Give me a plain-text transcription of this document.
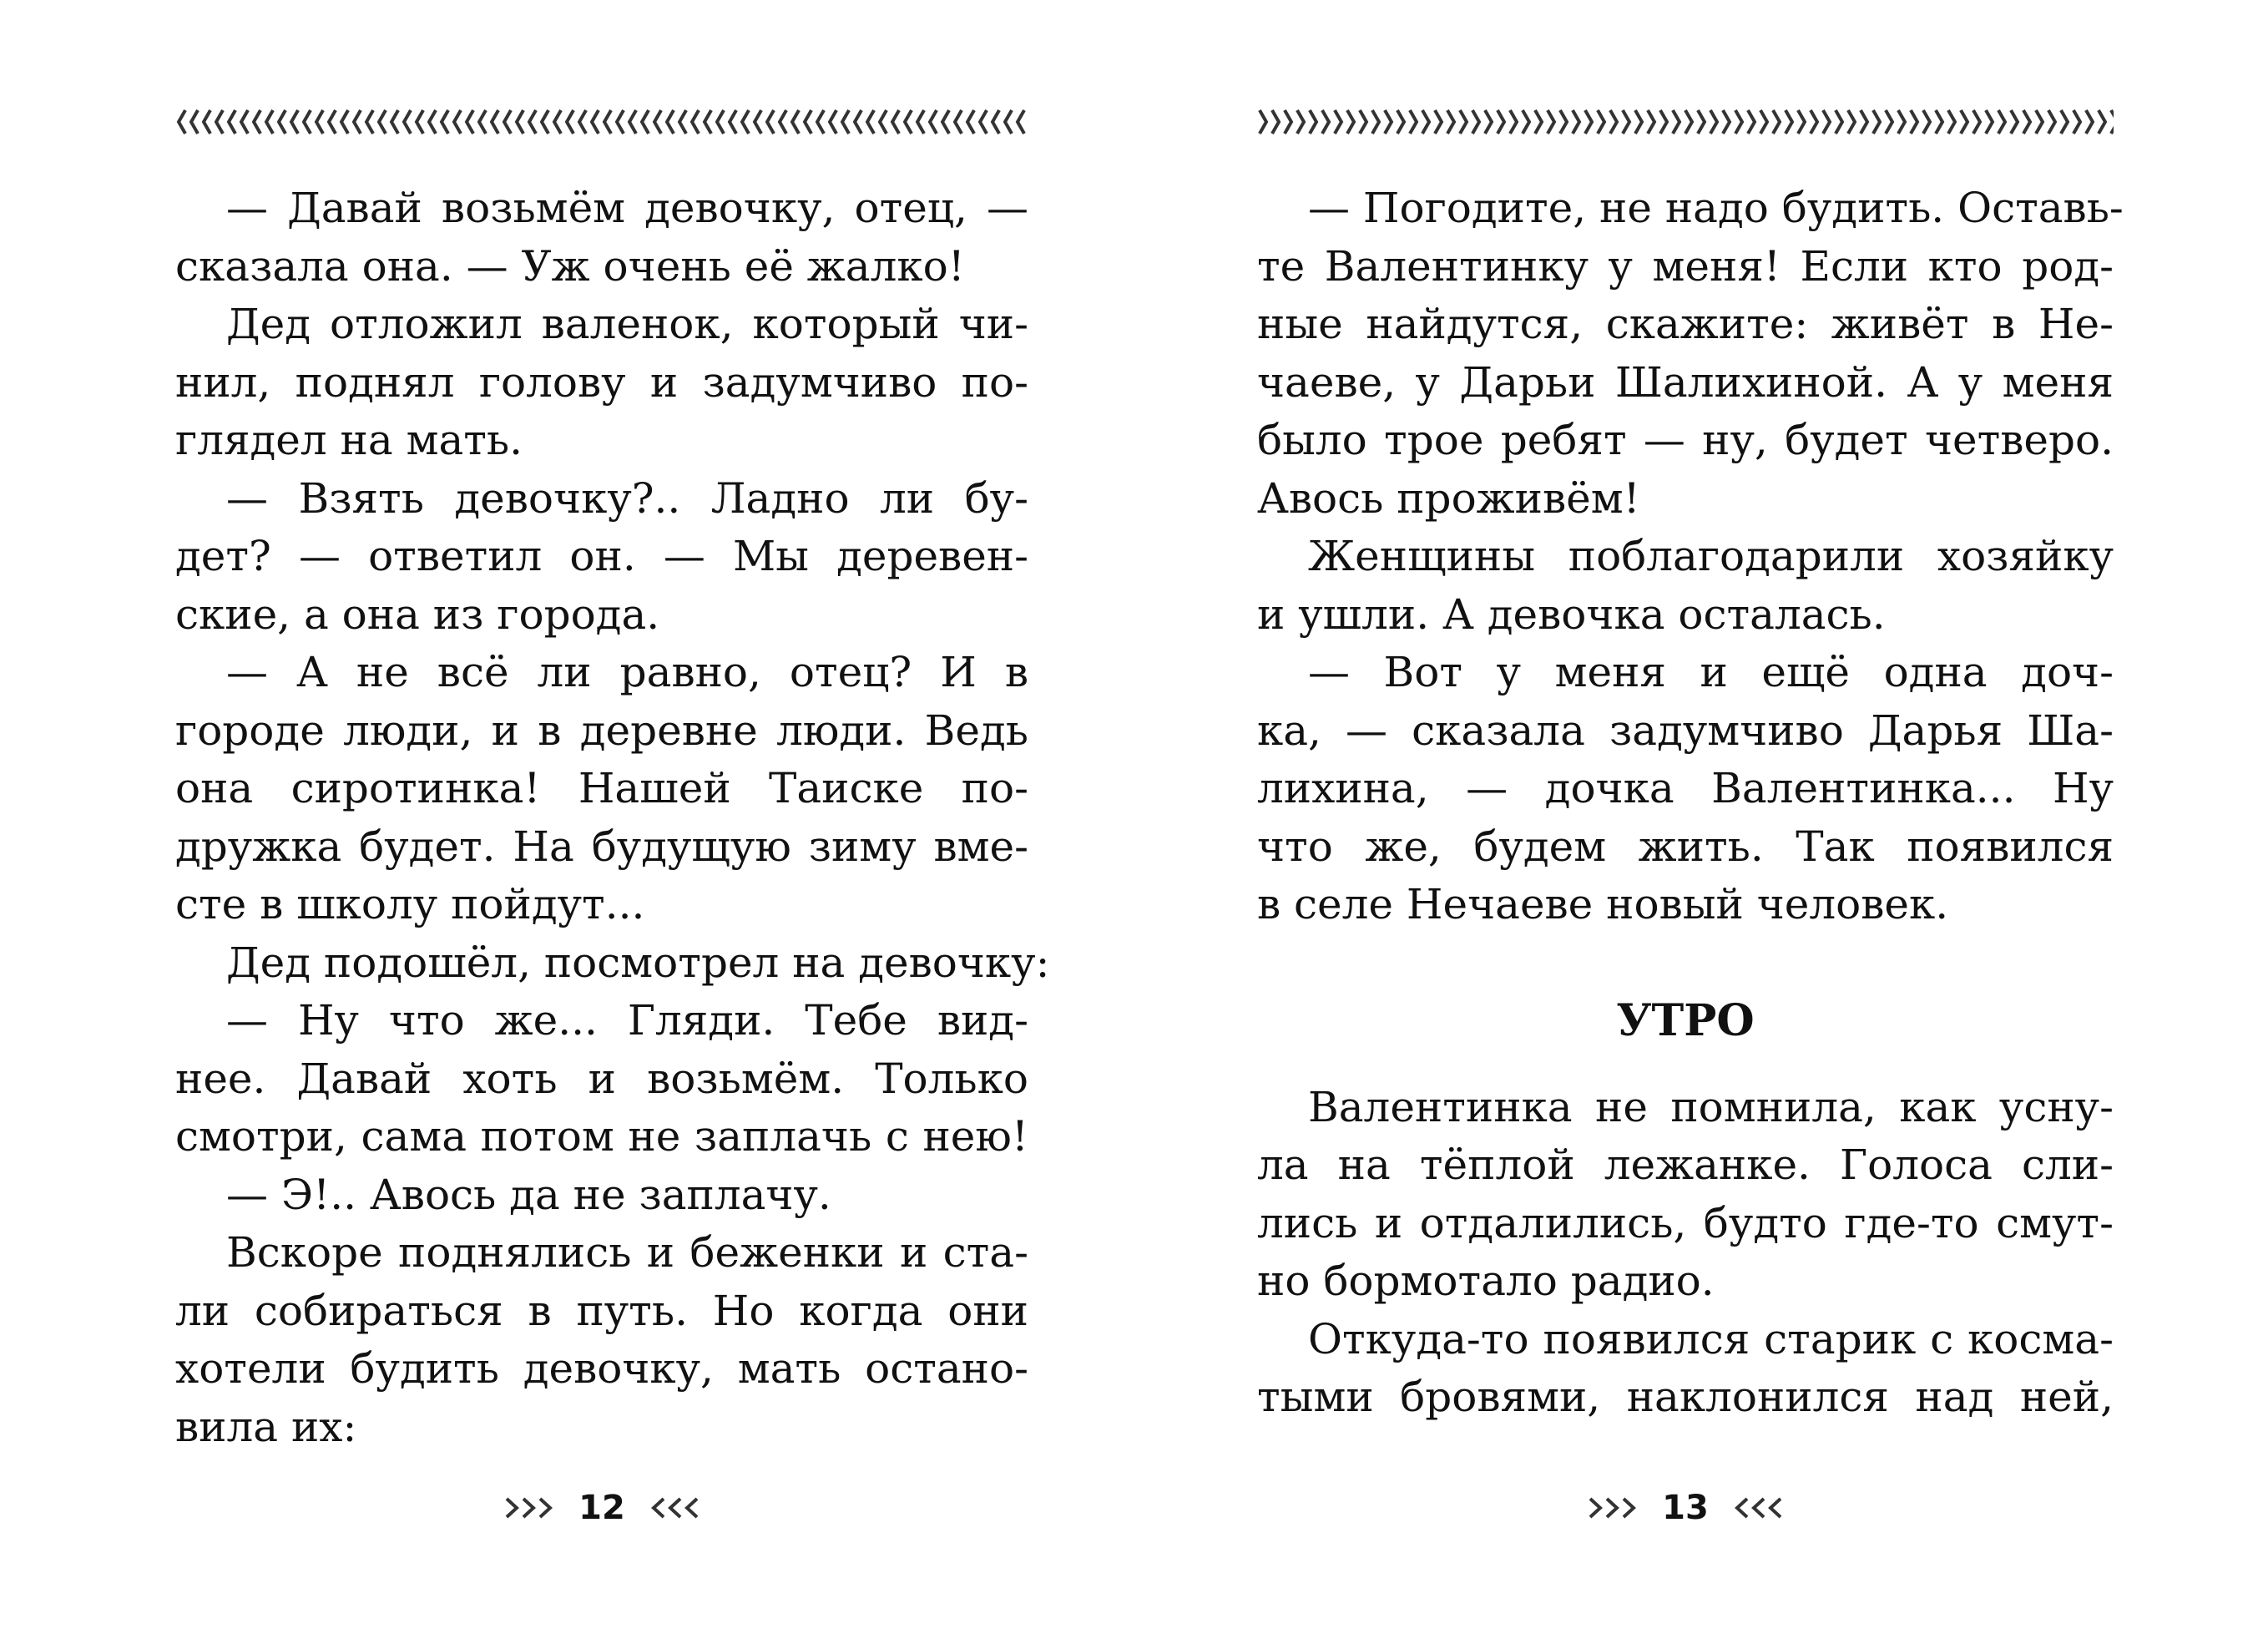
— Давай возьмём девочку, отец, —
сказала она. — Уж очень её жалко!
Дед отложил валенок, который чи-
нил, поднял голову и задумчиво по-
глядел на мать.
— Взять девочку?.. Ладно ли бу-
дет? — ответил он. — Мы деревен-
ские, а она из города.
— А не всё ли равно, отец? И в
городе люди, и в деревне люди. Ведь
она сиротинка! Нашей Таиске по-
дружка будет. На будущую зиму вме-
сте в школу пойдут...
Дед подошёл, посмотрел на девочку:
— Ну что же... Гляди. Тебе вид-
нее. Давай хоть и возьмём. Только
смотри, сама потом не заплачь с нею!
— Э!.. Авось да не заплачу.
Вскоре поднялись и беженки и ста-
ли собираться в путь. Но когда они
хотели будить девочку, мать остано-
вила их:
12
— Погодите, не надо будить. Оставь-
те Валентинку у меня! Если кто род-
ные найдутся, скажите: живёт в Не-
чаеве, у Дарьи Шалихиной. А у меня
было трое ребят — ну, будет четверо.
Авось проживём!
Женщины поблагодарили хозяйку
и ушли. А девочка осталась.
— Вот у меня и ещё одна доч-
ка, — сказала задумчиво Дарья Ша-
лихина, — дочка Валентинка... Ну
что же, будем жить. Так появился
в селе Нечаеве новый человек.
УТРО
Валентинка не помнила, как усну-
ла на тёплой лежанке. Голоса сли-
лись и отдалились, будто где-то смут-
но бормотало радио.
Откуда-то появился старик с косма-
тыми бровями, наклонился над ней,
13
